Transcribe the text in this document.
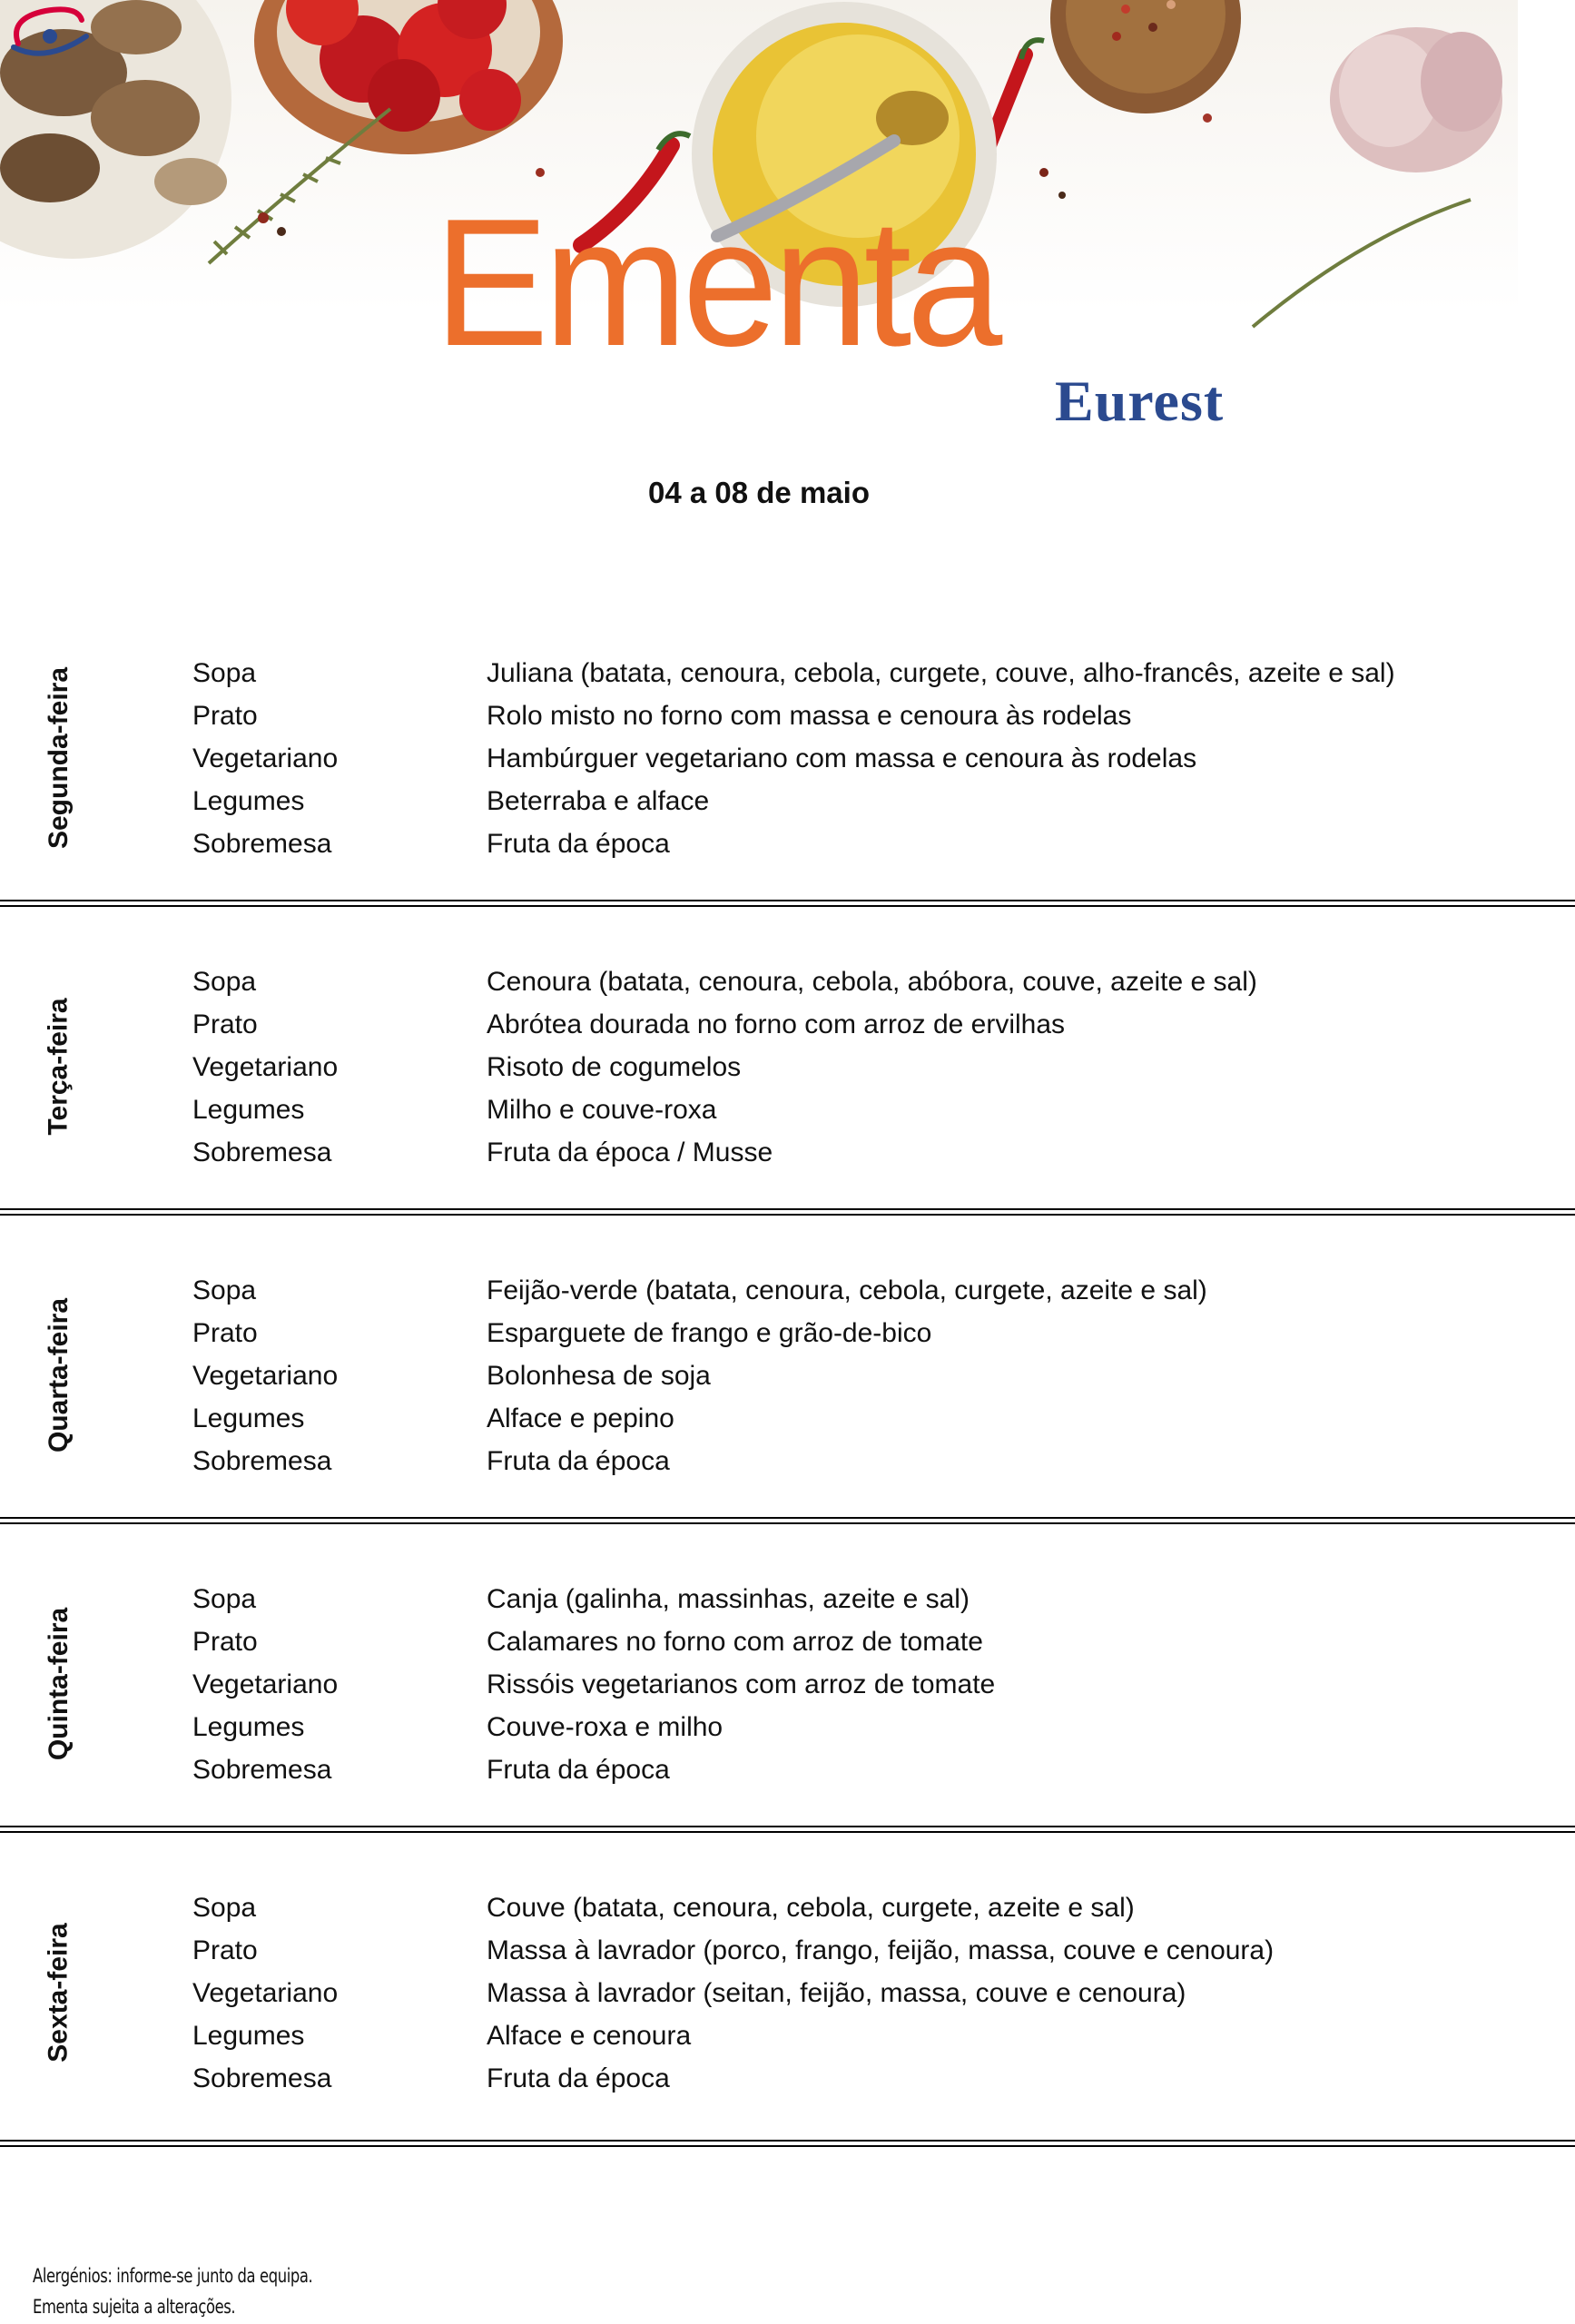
Ementa

Eurest

04 a 08 de maio
Segunda-feira	Sopa	Juliana (batata, cenoura, cebola, curgete, couve, alho-francês, azeite e sal)
Prato	Rolo misto no forno com massa e cenoura às rodelas
Vegetariano	Hambúrguer vegetariano com massa e cenoura às rodelas
Legumes	Beterraba e alface
Sobremesa	Fruta da época
Terça-feira
Sopa	Cenoura (batata, cenoura, cebola, abóbora, couve, azeite e sal)
Prato	Abrótea dourada no forno com arroz de ervilhas
Vegetariano	Risoto de cogumelos
Legumes	Milho e couve-roxa
Sobremesa	Fruta da época / Musse
Quarta-feira
Sopa	Feijão-verde (batata, cenoura, cebola, curgete, azeite e sal)
Prato	Esparguete de frango e grão-de-bico
Vegetariano	Bolonhesa de soja
Legumes	Alface e pepino
Sobremesa	Fruta da época
Quinta-feira
Sopa	Canja (galinha, massinhas, azeite e sal)
Prato	Calamares no forno com arroz de tomate
Vegetariano	Rissóis vegetarianos com arroz de tomate
Legumes	Couve-roxa e milho
Sobremesa	Fruta da época
Sexta-feira
Sopa	Couve (batata, cenoura, cebola, curgete, azeite e sal)
Prato	Massa à lavrador (porco, frango, feijão, massa, couve e cenoura)
Vegetariano	Massa à lavrador (seitan, feijão, massa, couve e cenoura)
Legumes	Alface e cenoura
Sobremesa	Fruta da época

Alergénios: informe-se junto da equipa.

Ementa sujeita a alterações.
